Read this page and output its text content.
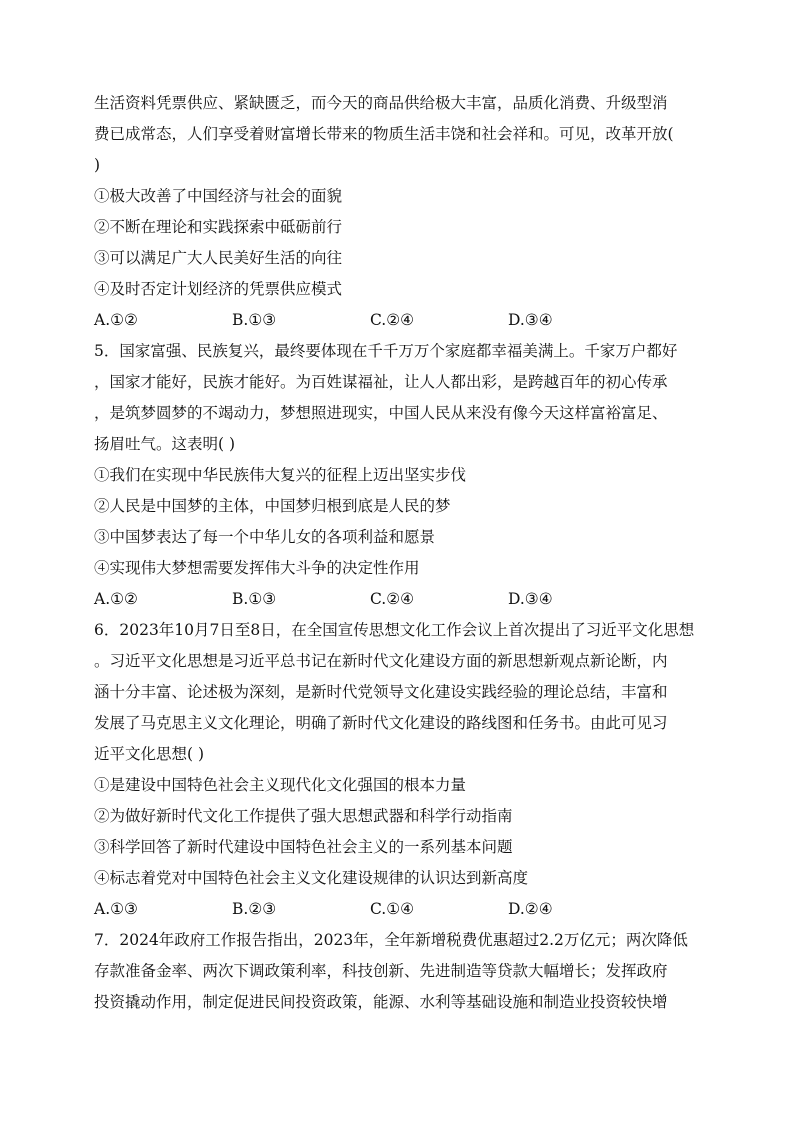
生活资料凭票供应、紧缺匮乏，而今天的商品供给极大丰富，品质化消费、升级型消
费已成常态，人们享受着财富增长带来的物质生活丰饶和社会祥和。可见，改革开放(
)
①极大改善了中国经济与社会的面貌
②不断在理论和实践探索中砥砺前行
③可以满足广大人民美好生活的向往
④及时否定计划经济的凭票供应模式
A.①②	B.①③	C.②④	D.③④
5．国家富强、民族复兴，最终要体现在千千万万个家庭都幸福美满上。千家万户都好
，国家才能好，民族才能好。为百姓谋福祉，让人人都出彩，是跨越百年的初心传承
，是筑梦圆梦的不竭动力，梦想照进现实，中国人民从来没有像今天这样富裕富足、
扬眉吐气。这表明( )
①我们在实现中华民族伟大复兴的征程上迈出坚实步伐
②人民是中国梦的主体，中国梦归根到底是人民的梦
③中国梦表达了每一个中华儿女的各项利益和愿景
④实现伟大梦想需要发挥伟大斗争的决定性作用
A.①②	B.①③	C.②④	D.③④
6．2023年10月7日至8日，在全国宣传思想文化工作会议上首次提出了习近平文化思想
。习近平文化思想是习近平总书记在新时代文化建设方面的新思想新观点新论断，内
涵十分丰富、论述极为深刻，是新时代党领导文化建设实践经验的理论总结，丰富和
发展了马克思主义文化理论，明确了新时代文化建设的路线图和任务书。由此可见习
近平文化思想( )
①是建设中国特色社会主义现代化文化强国的根本力量
②为做好新时代文化工作提供了强大思想武器和科学行动指南
③科学回答了新时代建设中国特色社会主义的一系列基本问题
④标志着党对中国特色社会主义文化建设规律的认识达到新高度
A.①③	B.②③	C.①④	D.②④
7．2024年政府工作报告指出，2023年，全年新增税费优惠超过2.2万亿元；两次降低
存款准备金率、两次下调政策利率，科技创新、先进制造等贷款大幅增长；发挥政府
投资撬动作用，制定促进民间投资政策，能源、水利等基础设施和制造业投资较快增
